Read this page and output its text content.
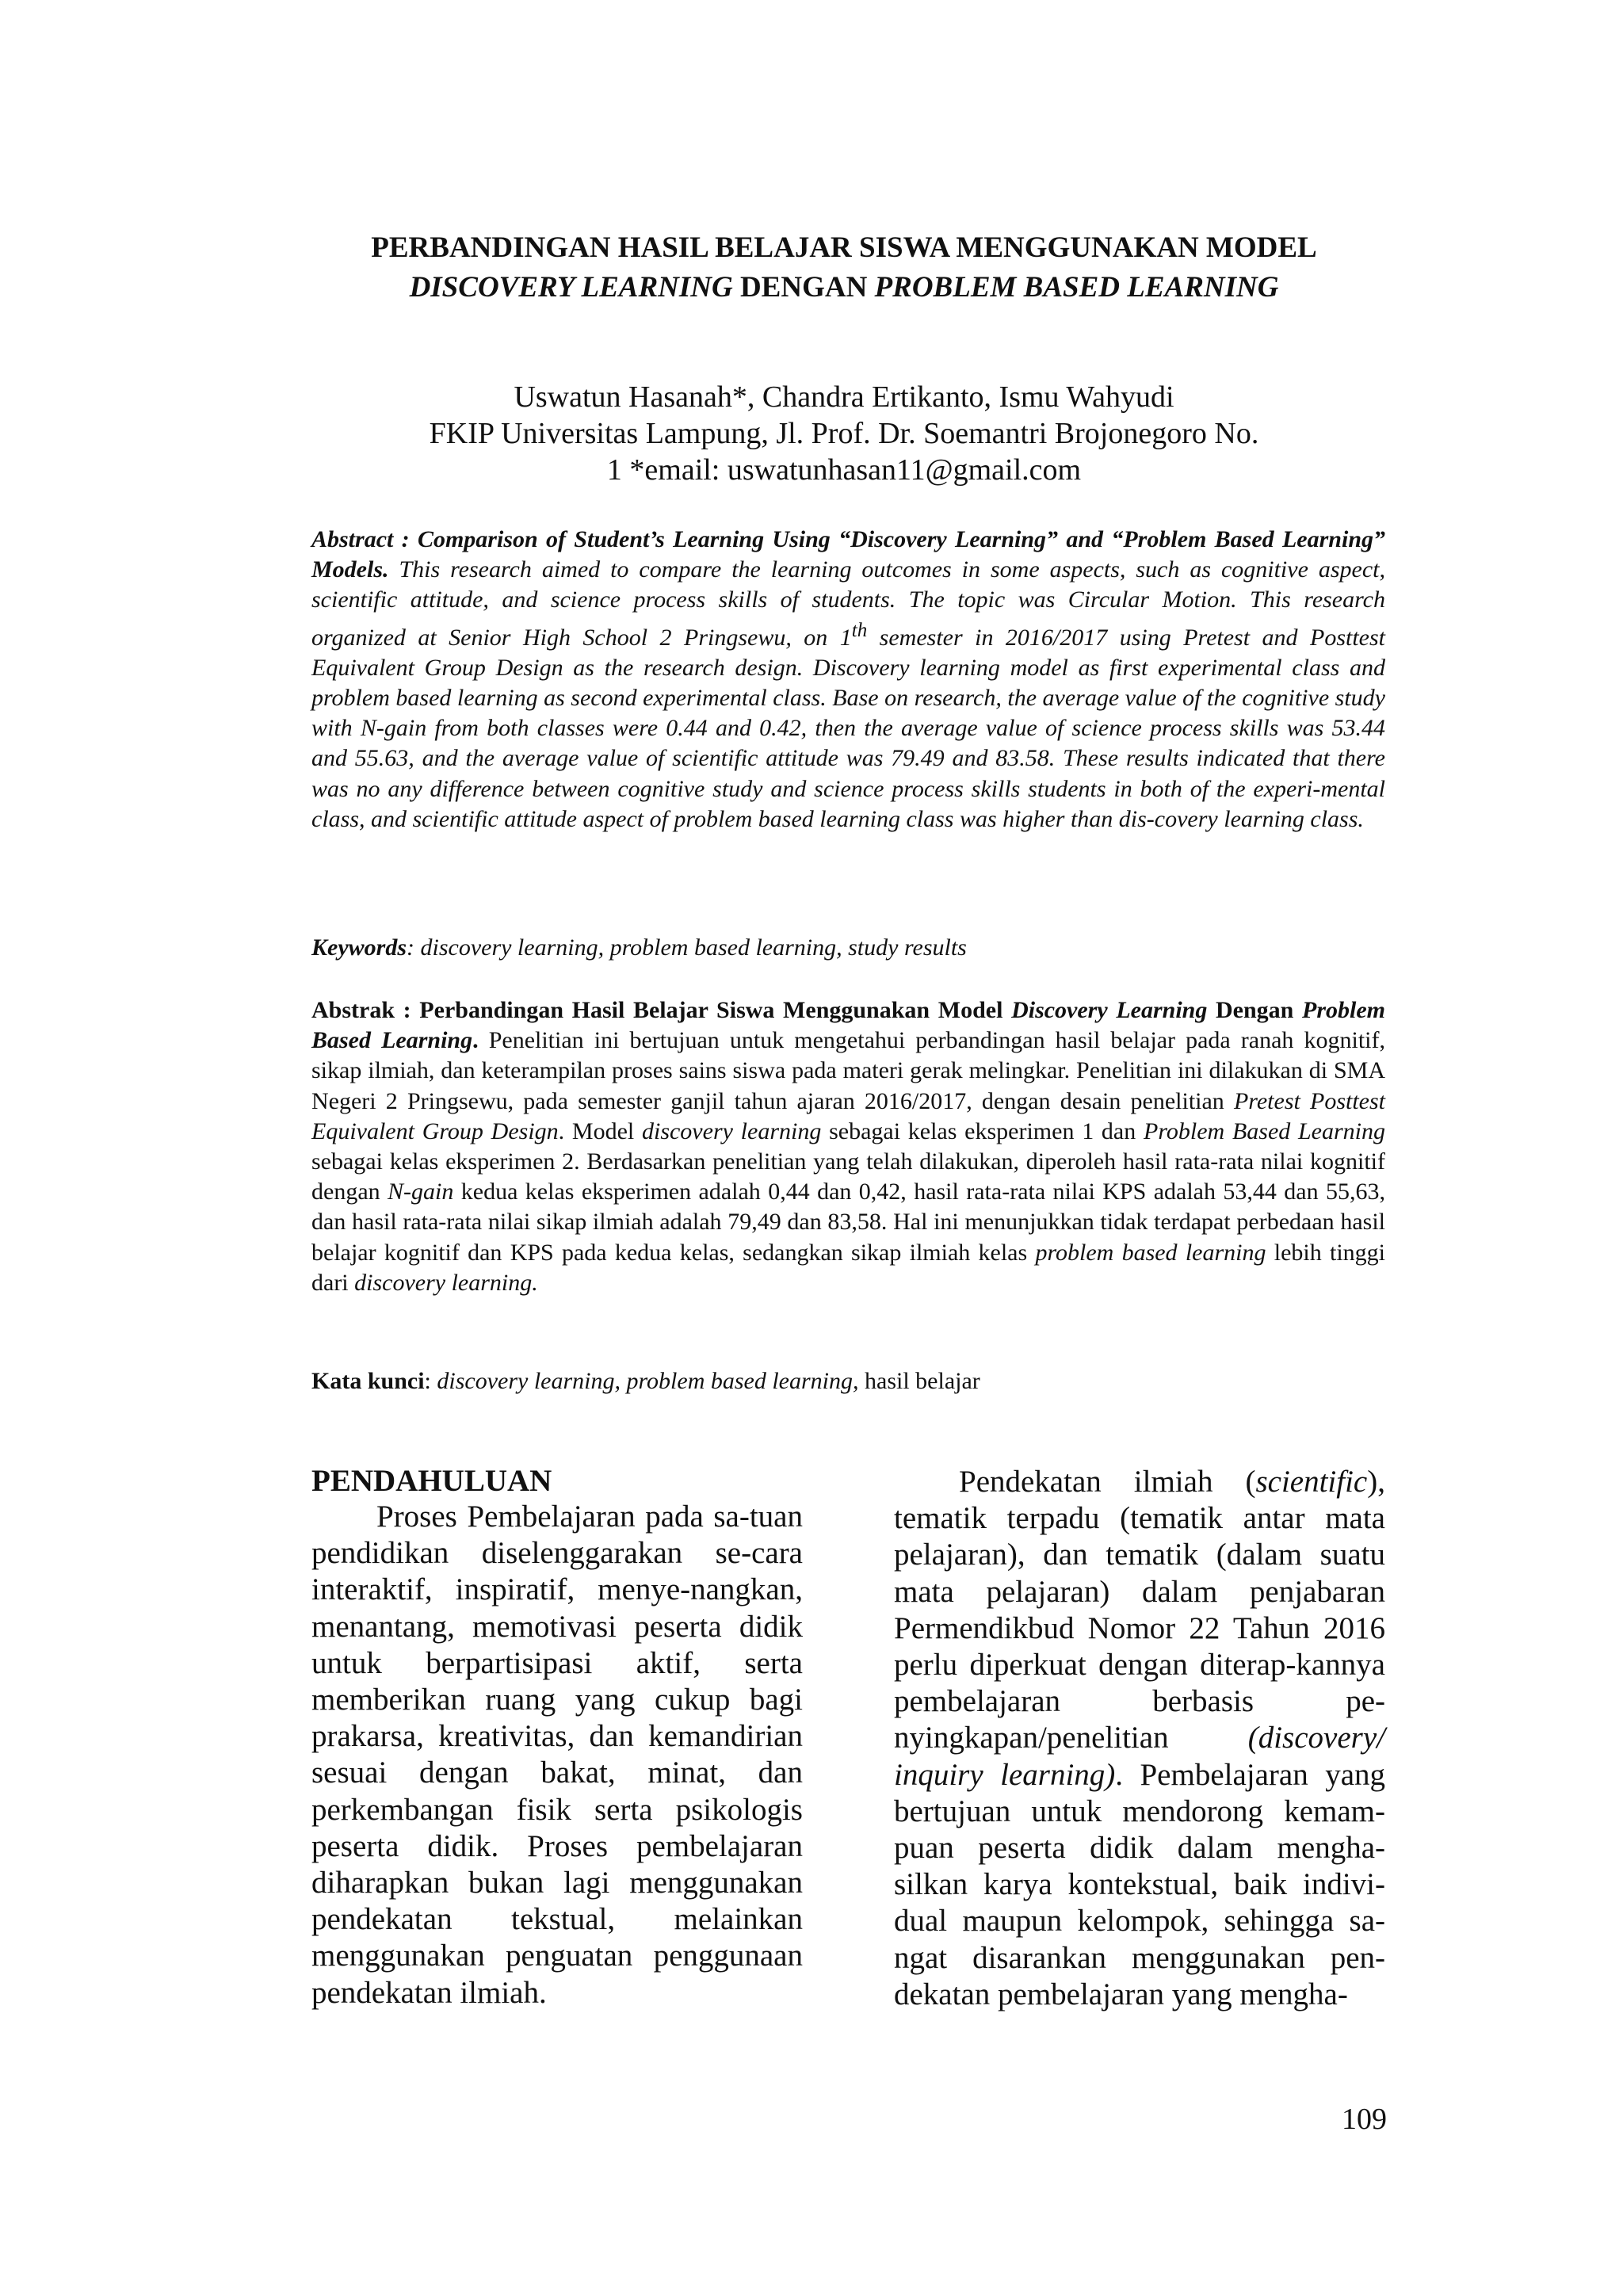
PERBANDINGAN HASIL BELAJAR SISWA MENGGUNAKAN MODEL
DISCOVERY LEARNING DENGAN PROBLEM BASED LEARNING
Uswatun Hasanah*, Chandra Ertikanto, Ismu Wahyudi
FKIP Universitas Lampung, Jl. Prof. Dr. Soemantri Brojonegoro No.
1 *email: uswatunhasan11@gmail.com
Abstract : Comparison of Student’s Learning Using “Discovery Learning” and “Problem Based Learning” Models. This research aimed to compare the learning outcomes in some aspects, such as cognitive aspect, scientific attitude, and science process skills of students. The topic was Circular Motion. This research organized at Senior High School 2 Pringsewu, on 1th semester in 2016/2017 using Pretest and Posttest Equivalent Group Design as the research design. Discovery learning model as first experimental class and problem based learning as second experimental class. Base on research, the average value of the cognitive study with N-gain from both classes were 0.44 and 0.42, then the average value of science process skills was 53.44 and 55.63, and the average value of scientific attitude was 79.49 and 83.58. These results indicated that there was no any difference between cognitive study and science process skills students in both of the experi-mental class, and scientific attitude aspect of problem based learning class was higher than dis-covery learning class.
Keywords: discovery learning, problem based learning, study results
Abstrak : Perbandingan Hasil Belajar Siswa Menggunakan Model Discovery Learning Dengan Problem Based Learning. Penelitian ini bertujuan untuk mengetahui perbandingan hasil belajar pada ranah kognitif, sikap ilmiah, dan keterampilan proses sains siswa pada materi gerak melingkar. Penelitian ini dilakukan di SMA Negeri 2 Pringsewu, pada semester ganjil tahun ajaran 2016/2017, dengan desain penelitian Pretest Posttest Equivalent Group Design. Model discovery learning sebagai kelas eksperimen 1 dan Problem Based Learning sebagai kelas eksperimen 2. Berdasarkan penelitian yang telah dilakukan, diperoleh hasil rata-rata nilai kognitif dengan N-gain kedua kelas eksperimen adalah 0,44 dan 0,42, hasil rata-rata nilai KPS adalah 53,44 dan 55,63, dan hasil rata-rata nilai sikap ilmiah adalah 79,49 dan 83,58. Hal ini menunjukkan tidak terdapat perbedaan hasil belajar kognitif dan KPS pada kedua kelas, sedangkan sikap ilmiah kelas problem based learning lebih tinggi dari discovery learning.
Kata kunci: discovery learning, problem based learning, hasil belajar
PENDAHULUAN
Proses Pembelajaran pada sa-tuan pendidikan diselenggarakan se-cara interaktif, inspiratif, menye-nangkan, menantang, memotivasi peserta didik untuk berpartisipasi aktif, serta memberikan ruang yang cukup bagi prakarsa, kreativitas, dan kemandirian sesuai dengan bakat, minat, dan perkembangan fisik serta psikologis peserta didik. Proses pembelajaran diharapkan bukan lagi menggunakan pendekatan tekstual, melainkan menggunakan penguatan penggunaan pendekatan ilmiah.
Pendekatan ilmiah (scientific), tematik terpadu (tematik antar mata pelajaran), dan tematik (dalam suatu mata pelajaran) dalam penjabaran Permendikbud Nomor 22 Tahun 2016 perlu diperkuat dengan diterap-kannya pembelajaran berbasis pe-nyingkapan/penelitian (discovery/ inquiry learning). Pembelajaran yang bertujuan untuk mendorong kemam-puan peserta didik dalam mengha-silkan karya kontekstual, baik indivi-dual maupun kelompok, sehingga sa-ngat disarankan menggunakan pen-dekatan pembelajaran yang mengha-
109
